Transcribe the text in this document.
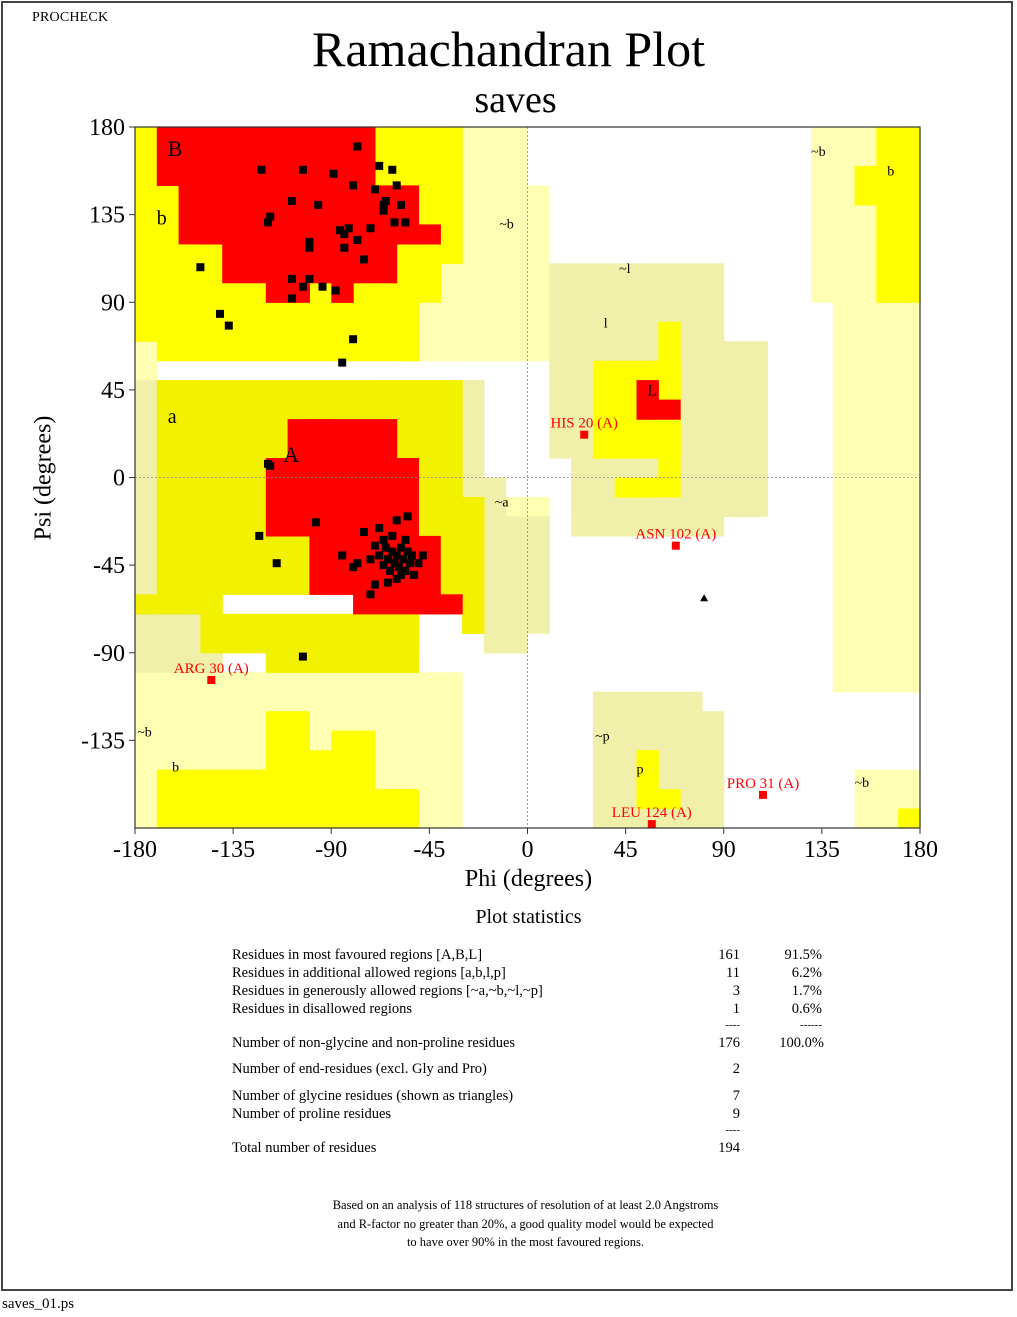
PROCHECK
Ramachandran Plot
saves
B
b	~b
A
a
~a
~l
l
L
~b
b
~b
b
~p
p
~b
HIS 20 (A)
ASN 102 (A)
ARG 30 (A)
PRO 31 (A)
LEU 124 (A)
-180 -135	-90	-45	0	45	90	135	180
180
135
90
45
0
-45
-90
-135
Psi (degrees)
Phi (degrees)
Plot statistics
Residues in most favoured regions [A,B,L]	161	91.5%
Residues in additional allowed regions [a,b,l,p]	11	6.2%
Residues in generously allowed regions [~a,~b,~l,~p]	3	1.7%
Residues in disallowed regions	1	0.6%
----	------
Number of non-glycine and non-proline residues	176	100.0%
Number of end-residues (excl. Gly and Pro)	2
Number of glycine residues (shown as triangles)	7
Number of proline residues	9
----
Total number of residues	194
Based on an analysis of 118 structures of resolution of at least 2.0 Angstroms
and R-factor no greater than 20%, a good quality model would be expected
to have over 90% in the most favoured regions.
saves_01.ps
